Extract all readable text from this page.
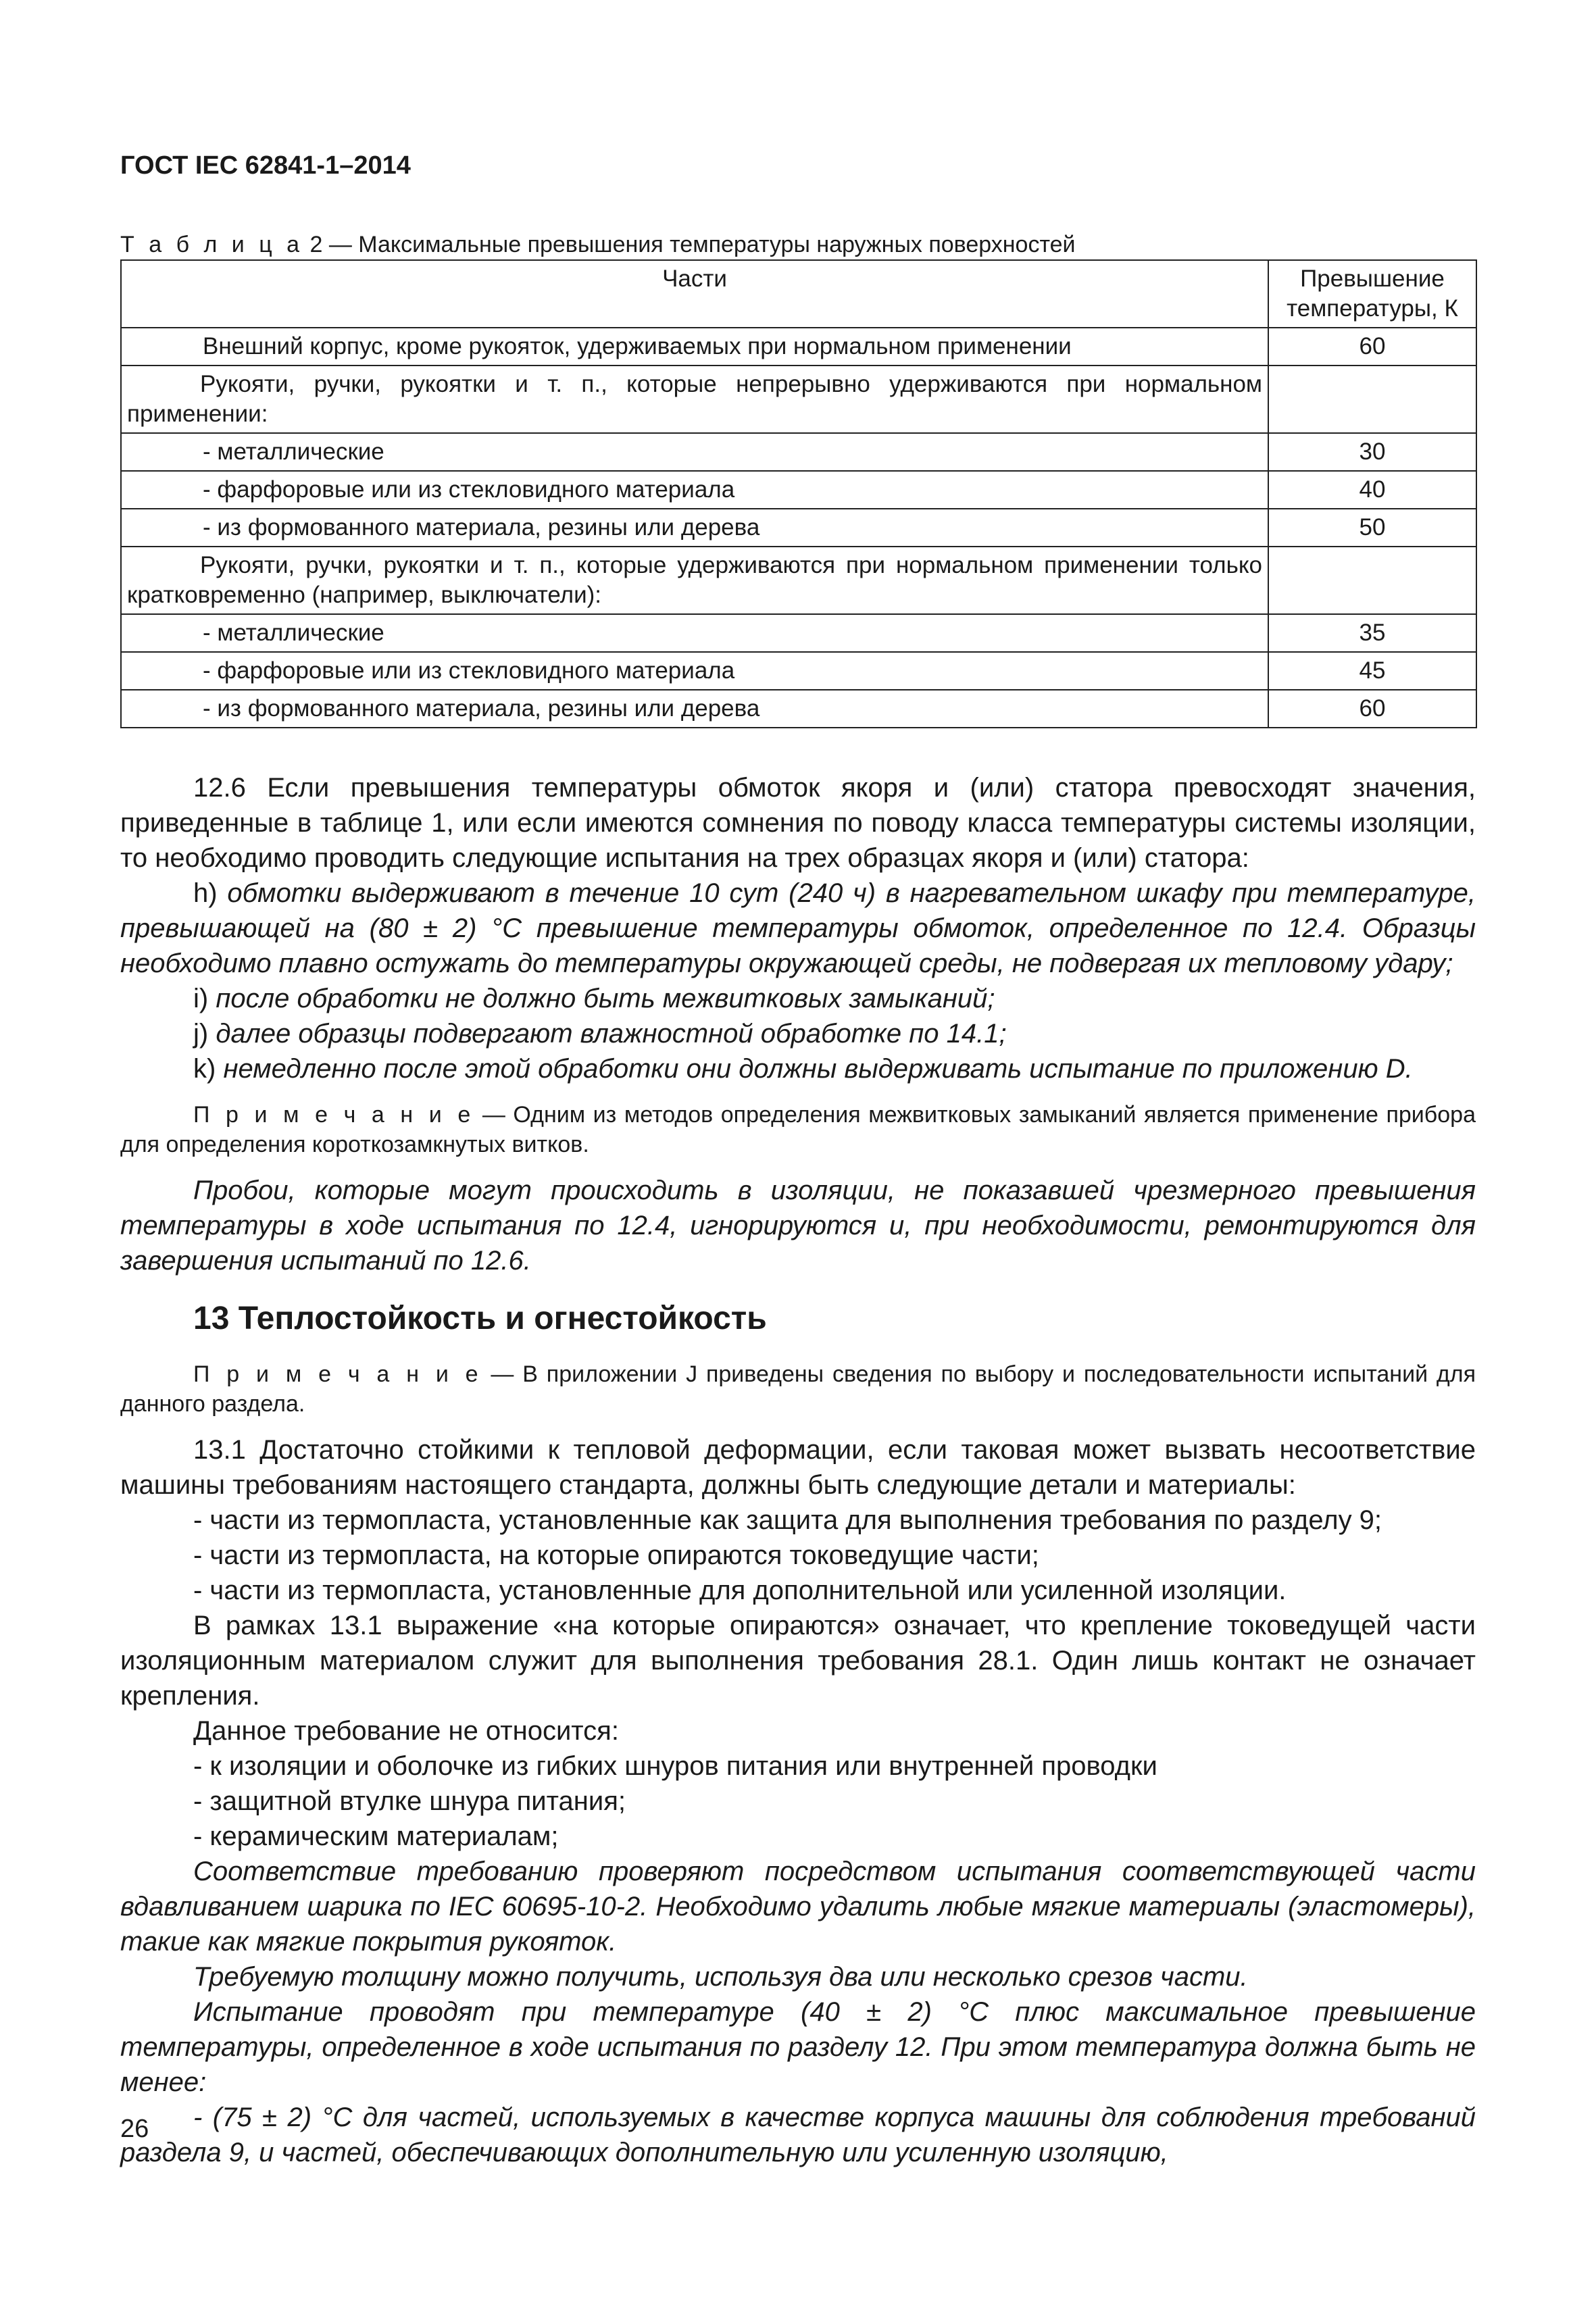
ГОСТ IEC 62841-1–2014

Т а б л и ц а 2 — Максимальные превышения температуры наружных поверхностей

Части	Превышение температуры, К
Внешний корпус, кроме рукояток, удерживаемых при нормальном применении	60
Рукояти, ручки, рукоятки и т. п., которые непрерывно удерживаются при нормальном применении:	
- металлические	30
- фарфоровые или из стекловидного материала	40
- из формованного материала, резины или дерева	50
Рукояти, ручки, рукоятки и т. п., которые удерживаются при нормальном применении только кратковременно (например, выключатели):	
- металлические	35
- фарфоровые или из стекловидного материала	45
- из формованного материала, резины или дерева	60

12.6 Если превышения температуры обмоток якоря и (или) статора превосходят значения, приведенные в таблице 1, или если имеются сомнения по поводу класса температуры системы изоляции, то необходимо проводить следующие испытания на трех образцах якоря и (или) статора:

h) обмотки выдерживают в течение 10 сут (240 ч) в нагревательном шкафу при температуре, превышающей на (80 ± 2) °С превышение температуры обмоток, определенное по 12.4. Образцы необходимо плавно остужать до температуры окружающей среды, не подвергая их тепловому удару;

i) после обработки не должно быть межвитковых замыканий;

j) далее образцы подвергают влажностной обработке по 14.1;

k) немедленно после этой обработки они должны выдерживать испытание по приложению D.

П р и м е ч а н и е — Одним из методов определения межвитковых замыканий является применение прибора для определения короткозамкнутых витков.

Пробои, которые могут происходить в изоляции, не показавшей чрезмерного превышения температуры в ходе испытания по 12.4, игнорируются и, при необходимости, ремонтируются для завершения испытаний по 12.6.

13 Теплостойкость и огнестойкость

П р и м е ч а н и е — В приложении J приведены сведения по выбору и последовательности испытаний для данного раздела.

13.1 Достаточно стойкими к тепловой деформации, если таковая может вызвать несоответствие машины требованиям настоящего стандарта, должны быть следующие детали и материалы:

- части из термопласта, установленные как защита для выполнения требования по разделу 9;

- части из термопласта, на которые опираются токоведущие части;

- части из термопласта, установленные для дополнительной или усиленной изоляции.

В рамках 13.1 выражение «на которые опираются» означает, что крепление токоведущей части изоляционным материалом служит для выполнения требования 28.1. Один лишь контакт не означает крепления.

Данное требование не относится:

- к изоляции и оболочке из гибких шнуров питания или внутренней проводки

- защитной втулке шнура питания;

- керамическим материалам;

Соответствие требованию проверяют посредством испытания соответствующей части вдавливанием шарика по IEC 60695-10-2. Необходимо удалить любые мягкие материалы (эластомеры), такие как мягкие покрытия рукояток.

Требуемую толщину можно получить, используя два или несколько срезов части.

Испытание проводят при температуре (40 ± 2) °С плюс максимальное превышение температуры, определенное в ходе испытания по разделу 12. При этом температура должна быть не менее:

- (75 ± 2) °С для частей, используемых в качестве корпуса машины для соблюдения требований раздела 9, и частей, обеспечивающих дополнительную или усиленную изоляцию,

26
